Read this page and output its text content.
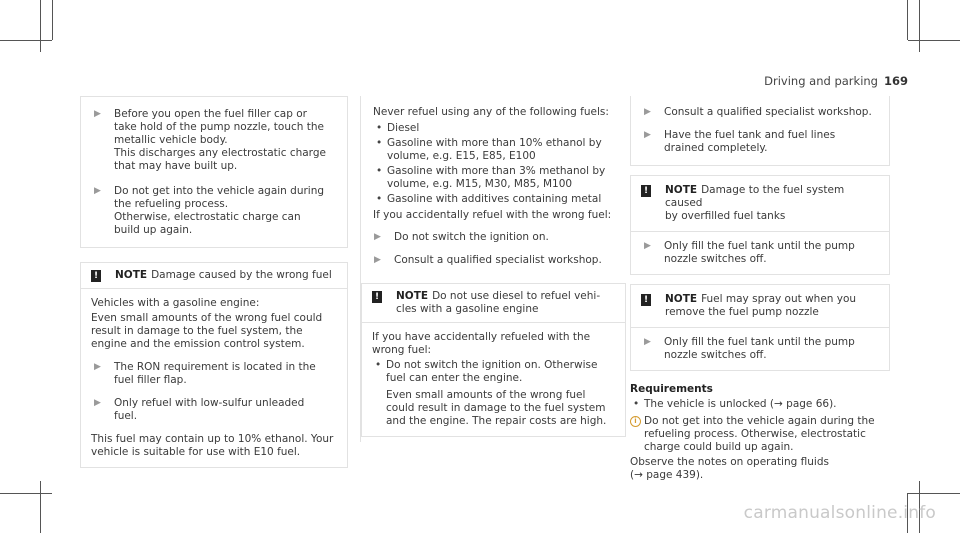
Driving and parking 169
▶ Before you open the fuel filler cap or

take hold of the pump nozzle, touch the

metallic vehicle body.

This discharges any electrostatic charge

that may have built up.

▶ Do not get into the vehicle again during

the refueling process.

Otherwise, electrostatic charge can

build up again.

! NOTE Damage caused by the wrong fuel

Vehicles with a gasoline engine:

Even small amounts of the wrong fuel could

result in damage to the fuel system, the

engine and the emission control system.

▶ The RON requirement is located in the

fuel filler flap.

▶ Only refuel with low-sulfur unleaded

fuel.

This fuel may contain up to 10% ethanol. Your

vehicle is suitable for use with E10 fuel.

Never refuel using any of the following fuels:

• Diesel

• Gasoline with more than 10% ethanol by

volume, e.g. E15, E85, E100

• Gasoline with more than 3% methanol by

volume, e.g. M15, M30, M85, M100

• Gasoline with additives containing metal

If you accidentally refuel with the wrong fuel:

▶ Do not switch the ignition on.

▶ Consult a qualified specialist workshop.

! NOTE Do not use diesel to refuel vehi-

cles with a gasoline engine

If you have accidentally refueled with the

wrong fuel:

• Do not switch the ignition on. Otherwise

fuel can enter the engine.

Even small amounts of the wrong fuel

could result in damage to the fuel system

and the engine. The repair costs are high.

▶ Consult a qualified specialist workshop.

▶ Have the fuel tank and fuel lines

drained completely.

! NOTE Damage to the fuel system caused

by overfilled fuel tanks

▶ Only fill the fuel tank until the pump

nozzle switches off.

! NOTE Fuel may spray out when you

remove the fuel pump nozzle

▶ Only fill the fuel tank until the pump

nozzle switches off.

Requirements

• The vehicle is unlocked (→ page 66).

i Do not get into the vehicle again during the

refueling process. Otherwise, electrostatic

charge could build up again.

Observe the notes on operating fluids

(→ page 439).

carmanualsonline.info
